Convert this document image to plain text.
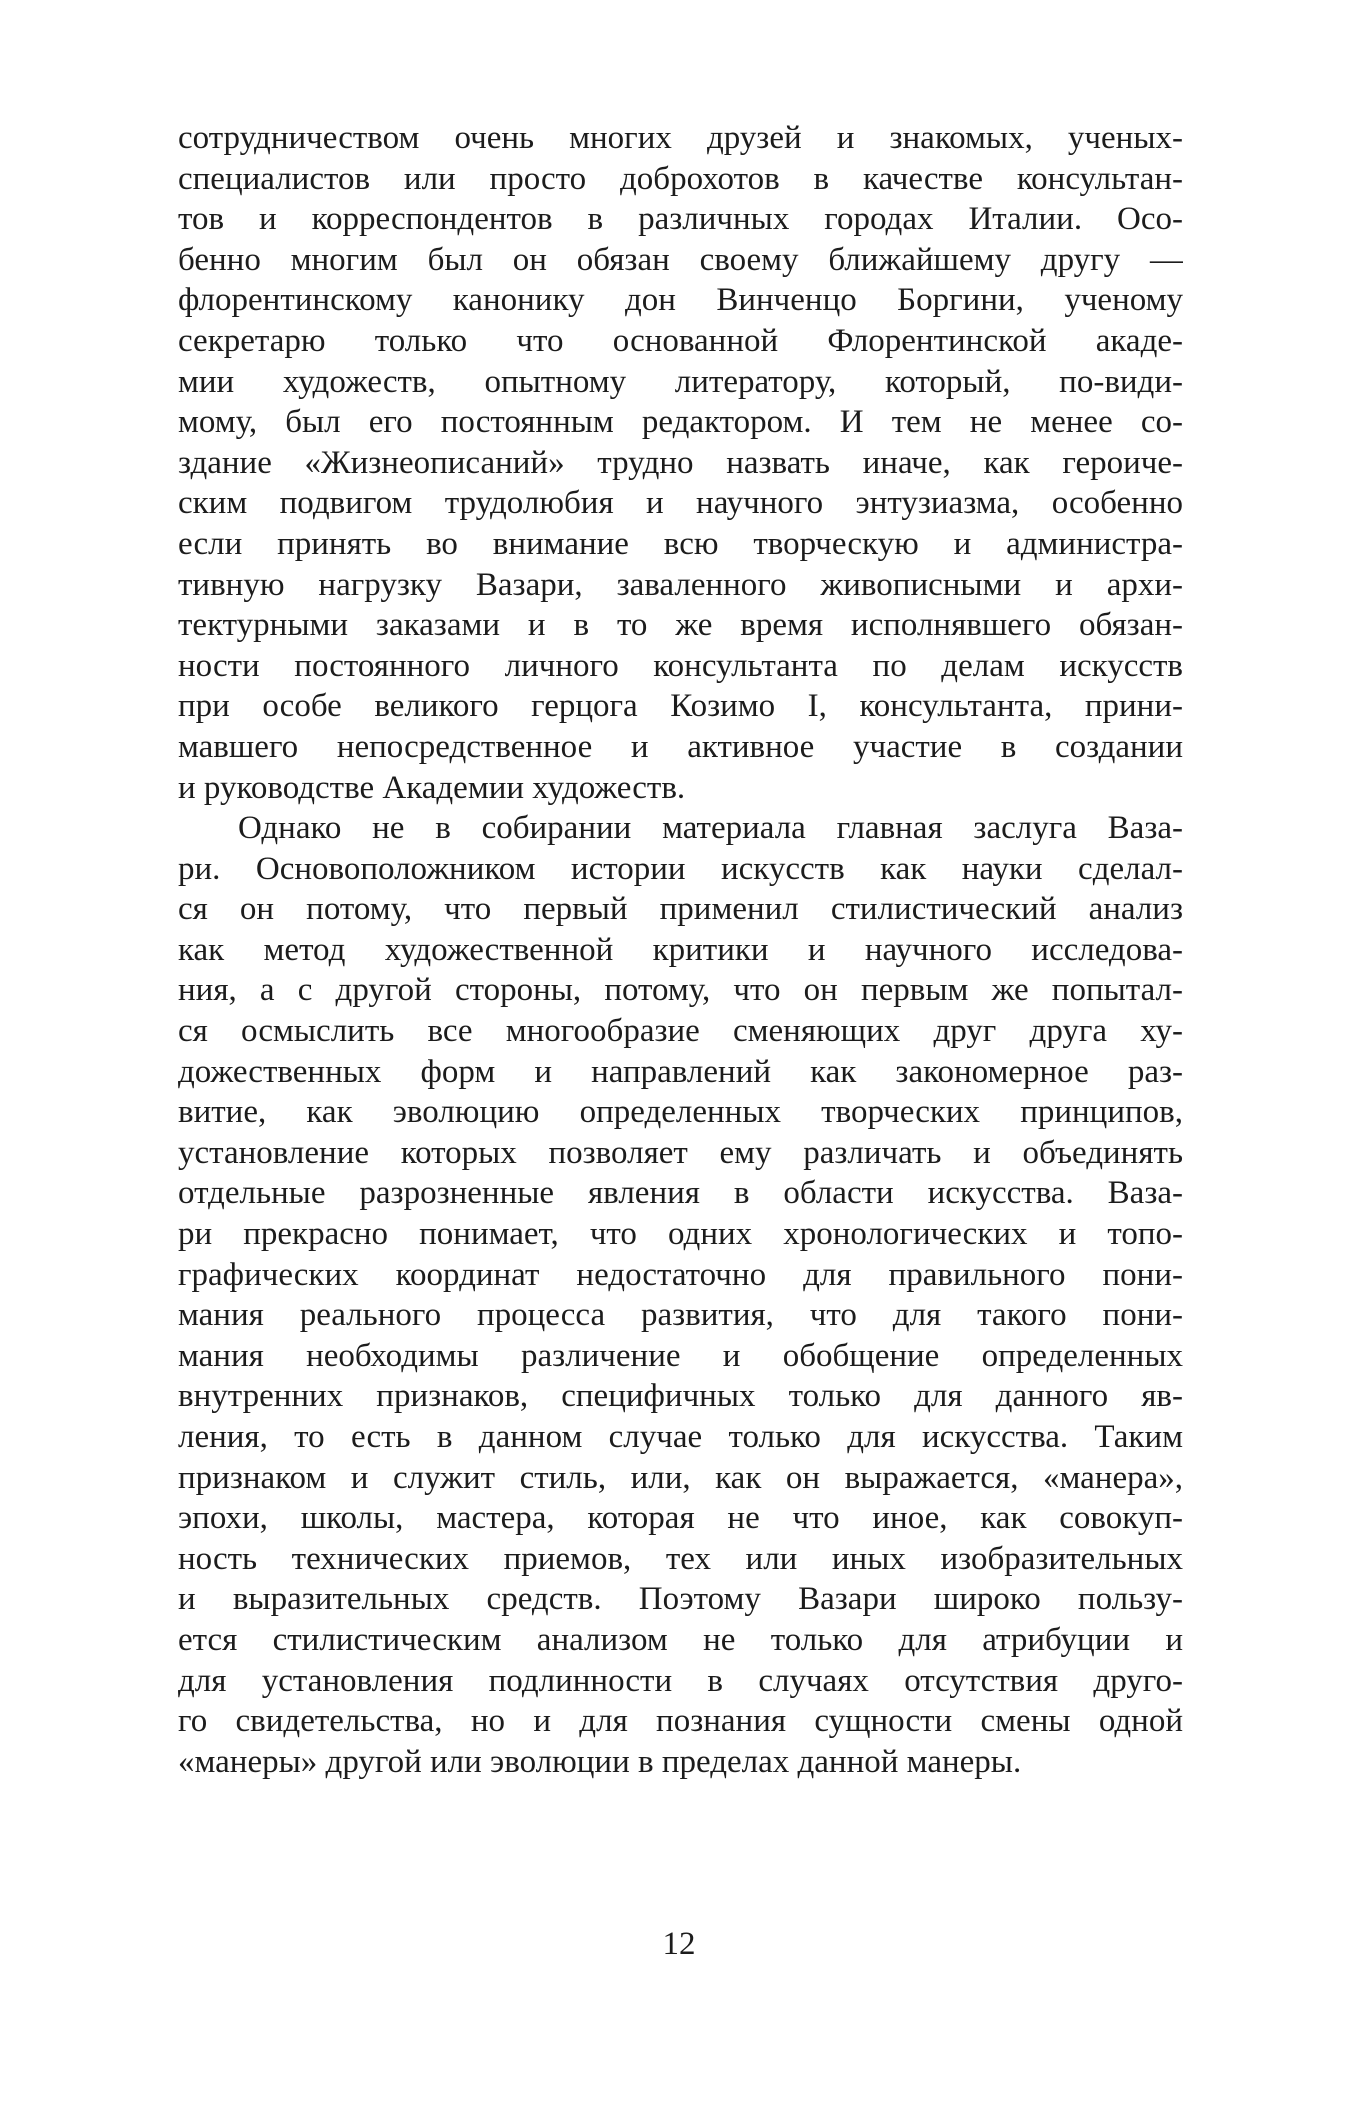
сотрудничеством очень многих друзей и знакомых, ученых-
специалистов или просто доброхотов в качестве консультан-
тов и корреспондентов в различных городах Италии. Осо-
бенно многим был он обязан своему ближайшему другу —
флорентинскому канонику дон Винченцо Боргини, ученому
секретарю только что основанной Флорентинской акаде-
мии художеств, опытному литератору, который, по-види-
мому, был его постоянным редактором. И тем не менее со-
здание «Жизнеописаний» трудно назвать иначе, как героиче-
ским подвигом трудолюбия и научного энтузиазма, особенно
если принять во внимание всю творческую и администра-
тивную нагрузку Вазари, заваленного живописными и архи-
тектурными заказами и в то же время исполнявшего обязан-
ности постоянного личного консультанта по делам искусств
при особе великого герцога Козимо I, консультанта, прини-
мавшего непосредственное и активное участие в создании
и руководстве Академии художеств.
Однако не в собирании материала главная заслуга Ваза-
ри. Основоположником истории искусств как науки сделал-
ся он потому, что первый применил стилистический анализ
как метод художественной критики и научного исследова-
ния, а с другой стороны, потому, что он первым же попытал-
ся осмыслить все многообразие сменяющих друг друга ху-
дожественных форм и направлений как закономерное раз-
витие, как эволюцию определенных творческих принципов,
установление которых позволяет ему различать и объединять
отдельные разрозненные явления в области искусства. Ваза-
ри прекрасно понимает, что одних хронологических и топо-
графических координат недостаточно для правильного пони-
мания реального процесса развития, что для такого пони-
мания необходимы различение и обобщение определенных
внутренних признаков, специфичных только для данного яв-
ления, то есть в данном случае только для искусства. Таким
признаком и служит стиль, или, как он выражается, «манера»,
эпохи, школы, мастера, которая не что иное, как совокуп-
ность технических приемов, тех или иных изобразительных
и выразительных средств. Поэтому Вазари широко пользу-
ется стилистическим анализом не только для атрибуции и
для установления подлинности в случаях отсутствия друго-
го свидетельства, но и для познания сущности смены одной
«манеры» другой или эволюции в пределах данной манеры.
12
